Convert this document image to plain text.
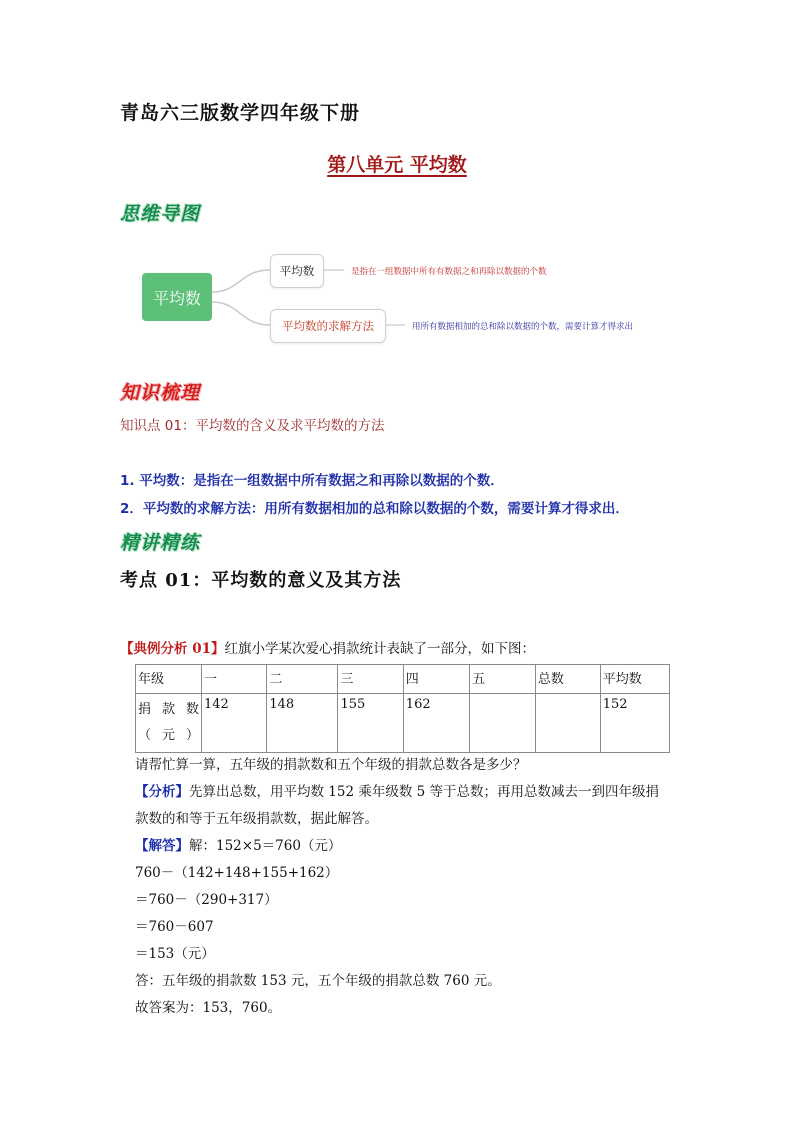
青岛六三版数学四年级下册
第八单元 平均数
思维导图
平均数
平均数	是指在一组数据中所有有数据之和再除以数据的个数
平均数的求解方法	用所有数据相加的总和除以数据的个数，需要计算才得求出
知识梳理
知识点 01：平均数的含义及求平均数的方法
1. 平均数：是指在一组数据中所有数据之和再除以数据的个数．
2．平均数的求解方法：用所有数据相加的总和除以数据的个数，需要计算才得求出．
精讲精练
考点 01：平均数的意义及其方法
【典例分析 01】红旗小学某次爱心捐款统计表缺了一部分，如下图：
年级	一	二	三	四	五	总数	平均数

捐 款 数（元）	142	148	155	162			152
请帮忙算一算，五年级的捐款数和五个年级的捐款总数各是多少？
【分析】先算出总数，用平均数 152 乘年级数 5 等于总数；再用总数减去一到四年级捐
款数的和等于五年级捐款数，据此解答。
【解答】解：152×5＝760（元）
760－（142+148+155+162）
＝760－（290+317）
＝760－607
＝153（元）
答：五年级的捐款数 153 元，五个年级的捐款总数 760 元。
故答案为：153，760。
